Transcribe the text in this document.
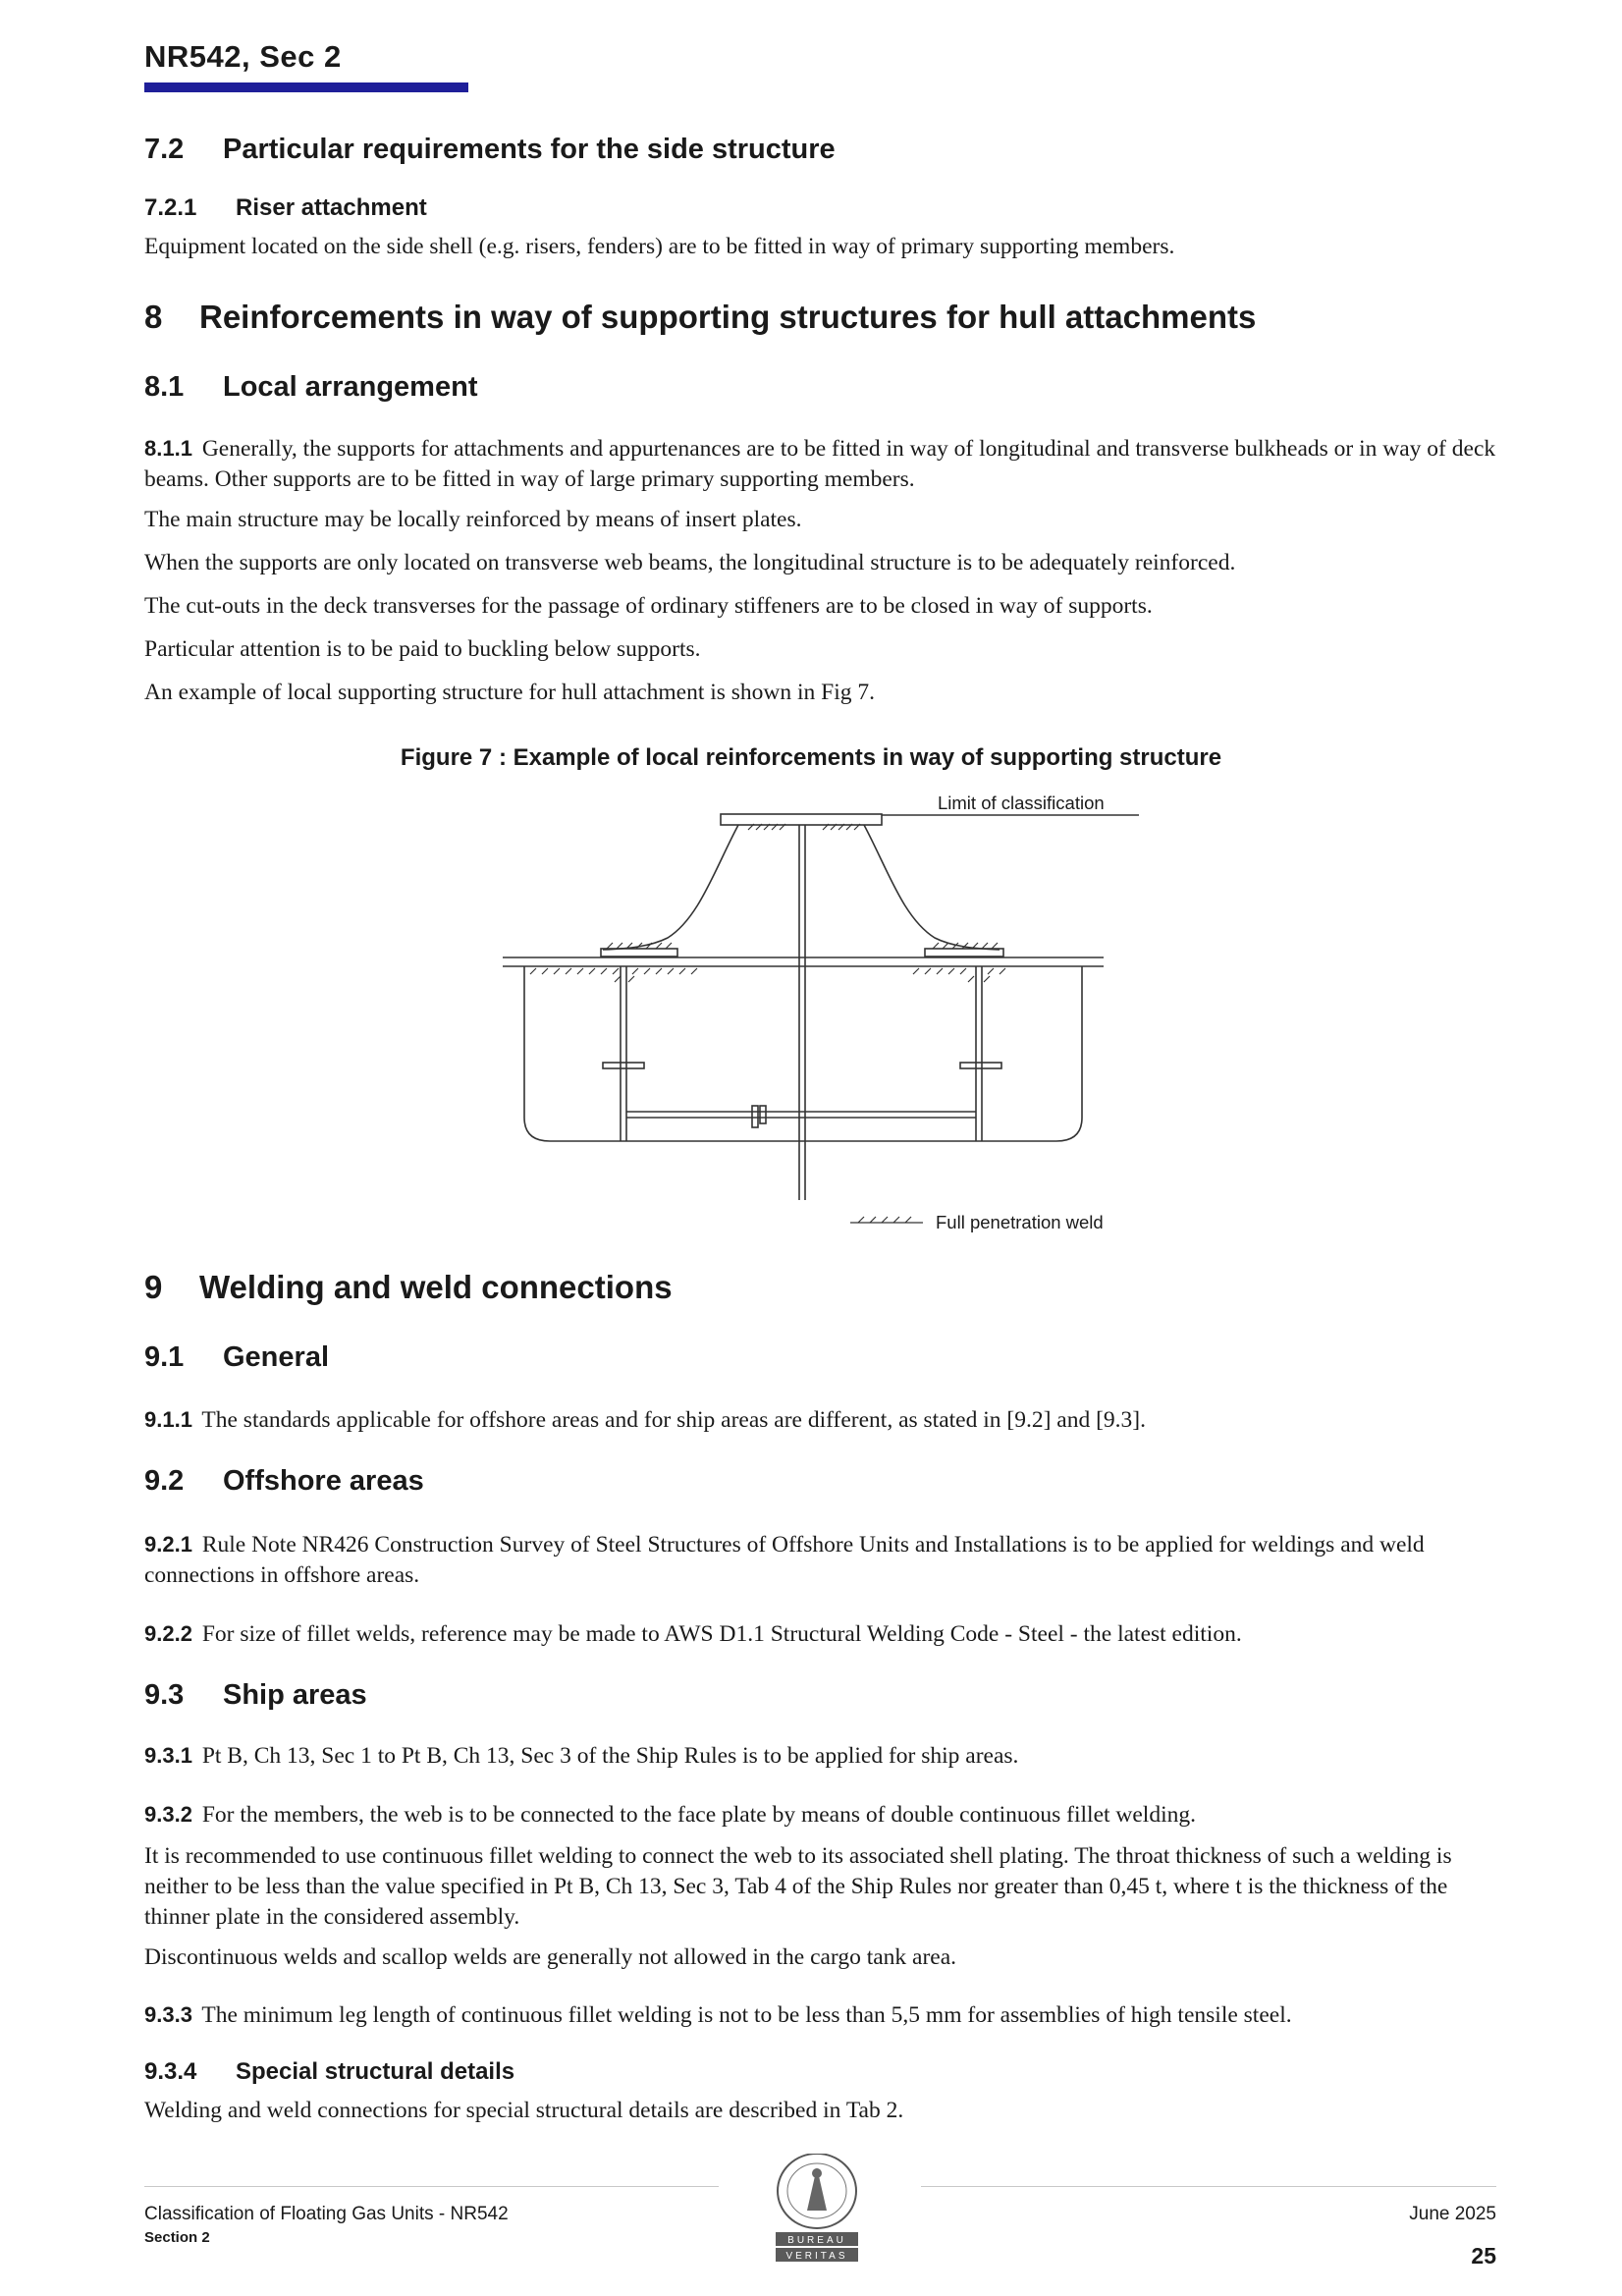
NR542, Sec 2
7.2 Particular requirements for the side structure
7.2.1 Riser attachment
Equipment located on the side shell (e.g. risers, fenders) are to be fitted in way of primary supporting members.
8 Reinforcements in way of supporting structures for hull attachments
8.1 Local arrangement
8.1.1 Generally, the supports for attachments and appurtenances are to be fitted in way of longitudinal and transverse bulkheads or in way of deck beams. Other supports are to be fitted in way of large primary supporting members.
The main structure may be locally reinforced by means of insert plates.
When the supports are only located on transverse web beams, the longitudinal structure is to be adequately reinforced.
The cut-outs in the deck transverses for the passage of ordinary stiffeners are to be closed in way of supports.
Particular attention is to be paid to buckling below supports.
An example of local supporting structure for hull attachment is shown in Fig 7.
Figure 7 : Example of local reinforcements in way of supporting structure
Limit of classification
Full penetration weld
9 Welding and weld connections
9.1 General
9.1.1 The standards applicable for offshore areas and for ship areas are different, as stated in [9.2] and [9.3].
9.2 Offshore areas
9.2.1 Rule Note NR426 Construction Survey of Steel Structures of Offshore Units and Installations is to be applied for weldings and weld connections in offshore areas.
9.2.2 For size of fillet welds, reference may be made to AWS D1.1 Structural Welding Code - Steel - the latest edition.
9.3 Ship areas
9.3.1 Pt B, Ch 13, Sec 1 to Pt B, Ch 13, Sec 3 of the Ship Rules is to be applied for ship areas.
9.3.2 For the members, the web is to be connected to the face plate by means of double continuous fillet welding.
It is recommended to use continuous fillet welding to connect the web to its associated shell plating. The throat thickness of such a welding is neither to be less than the value specified in Pt B, Ch 13, Sec 3, Tab 4 of the Ship Rules nor greater than 0,45 t, where t is the thickness of the thinner plate in the considered assembly.
Discontinuous welds and scallop welds are generally not allowed in the cargo tank area.
9.3.3 The minimum leg length of continuous fillet welding is not to be less than 5,5 mm for assemblies of high tensile steel.
9.3.4 Special structural details
Welding and weld connections for special structural details are described in Tab 2.
Classification of Floating Gas Units - NR542
Section 2
June 2025
25
BUREAU
VERITAS
